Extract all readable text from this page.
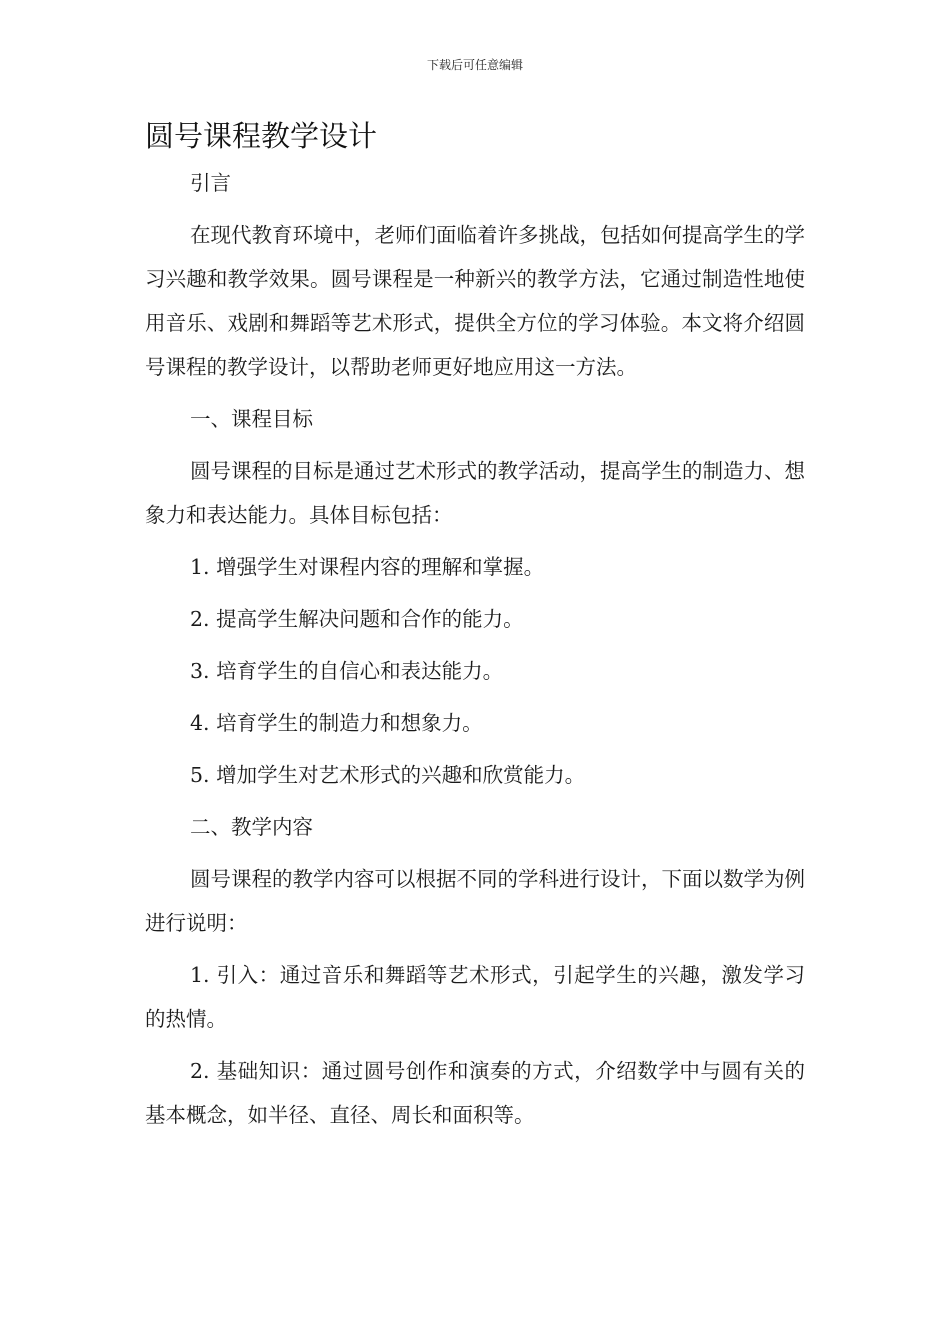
下载后可任意编辑
圆号课程教学设计

引言

在现代教育环境中，老师们面临着许多挑战，包括如何提高学生的学习兴趣和教学效果。圆号课程是一种新兴的教学方法，它通过制造性地使用音乐、戏剧和舞蹈等艺术形式，提供全方位的学习体验。本文将介绍圆号课程的教学设计，以帮助老师更好地应用这一方法。

一、课程目标

圆号课程的目标是通过艺术形式的教学活动，提高学生的制造力、想象力和表达能力。具体目标包括：

1. 增强学生对课程内容的理解和掌握。

2. 提高学生解决问题和合作的能力。

3. 培育学生的自信心和表达能力。

4. 培育学生的制造力和想象力。

5. 增加学生对艺术形式的兴趣和欣赏能力。

二、教学内容

圆号课程的教学内容可以根据不同的学科进行设计，下面以数学为例进行说明：

1. 引入：通过音乐和舞蹈等艺术形式，引起学生的兴趣，激发学习的热情。

2. 基础知识：通过圆号创作和演奏的方式，介绍数学中与圆有关的基本概念，如半径、直径、周长和面积等。
